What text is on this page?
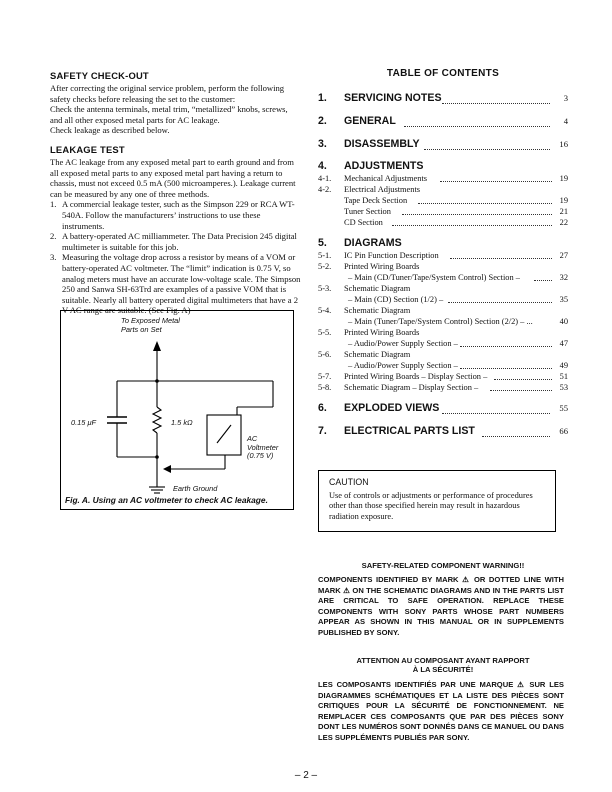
SAFETY CHECK-OUT

After correcting the original service problem, perform the following safety checks before releasing the set to the customer:

Check the antenna terminals, metal trim, “metallized” knobs, screws, and all other exposed metal parts for AC leakage.

Check leakage as described below.

LEAKAGE TEST

The AC leakage from any exposed metal part to earth ground and from all exposed metal parts to any exposed metal part having a return to chassis, must not exceed 0.5 mA (500 microamperes.). Leakage current can be measured by any one of three methods.

1. A commercial leakage tester, such as the Simpson 229 or RCA WT-540A. Follow the manufacturers’ instructions to use these instruments.
2. A battery-operated AC milliammeter. The Data Precision 245 digital multimeter is suitable for this job.
3. Measuring the voltage drop across a resistor by means of a VOM or battery-operated AC voltmeter. The “limit” indication is 0.75 V, so analog meters must have an accurate low-voltage scale. The Simpson 250 and Sanwa SH-63Trd are examples of a passive VOM that is suitable. Nearly all battery operated digital multimeters that have a 2 V AC range are suitable. (See Fig. A)
To Exposed Metal
Parts on Set
0.15 μF	1.5 kΩ
AC
Voltmeter
(0.75 V)
Earth Ground
Fig. A. Using an AC voltmeter to check AC leakage.
TABLE OF CONTENTS
1. SERVICING NOTES	3
2. GENERAL	4
3. DISASSEMBLY	16
4. ADJUSTMENTS
4-1. Mechanical Adjustments	19
4-2. Electrical Adjustments
Tape Deck Section	19
Tuner Section	21
CD Section	22
5. DIAGRAMS
5-1. IC Pin Function Description	27
5-2. Printed Wiring Boards
– Main (CD/Tuner/Tape/System Control) Section –	32
5-3. Schematic Diagram
– Main (CD) Section (1/2) –	35
5-4. Schematic Diagram
– Main (Tuner/Tape/System Control) Section (2/2) – ...	40
5-5. Printed Wiring Boards
– Audio/Power Supply Section –	47
5-6. Schematic Diagram
– Audio/Power Supply Section –	49
5-7. Printed Wiring Boards – Display Section –	51
5-8. Schematic Diagram – Display Section –	53
6. EXPLODED VIEWS	55
7. ELECTRICAL PARTS LIST	66
CAUTION
Use of controls or adjustments or performance of procedures other than those specified herein may result in hazardous radiation exposure.
SAFETY-RELATED COMPONENT WARNING!!
COMPONENTS IDENTIFIED BY MARK ⚠ OR DOTTED LINE WITH MARK ⚠ ON THE SCHEMATIC DIAGRAMS AND IN THE PARTS LIST ARE CRITICAL TO SAFE OPERATION. REPLACE THESE COMPONENTS WITH SONY PARTS WHOSE PART NUMBERS APPEAR AS SHOWN IN THIS MANUAL OR IN SUPPLEMENTS PUBLISHED BY SONY.
ATTENTION AU COMPOSANT AYANT RAPPORT
À LA SÉCURITÉ!
LES COMPOSANTS IDENTIFIÉS PAR UNE MARQUE ⚠ SUR LES DIAGRAMMES SCHÉMATIQUES ET LA LISTE DES PIÈCES SONT CRITIQUES POUR LA SÉCURITÉ DE FONCTIONNEMENT. NE REMPLACER CES COMPOSANTS QUE PAR DES PIÈCES SONY DONT LES NUMÉROS SONT DONNÉS DANS CE MANUEL OU DANS LES SUPPLÉMENTS PUBLIÉS PAR SONY.
– 2 –
